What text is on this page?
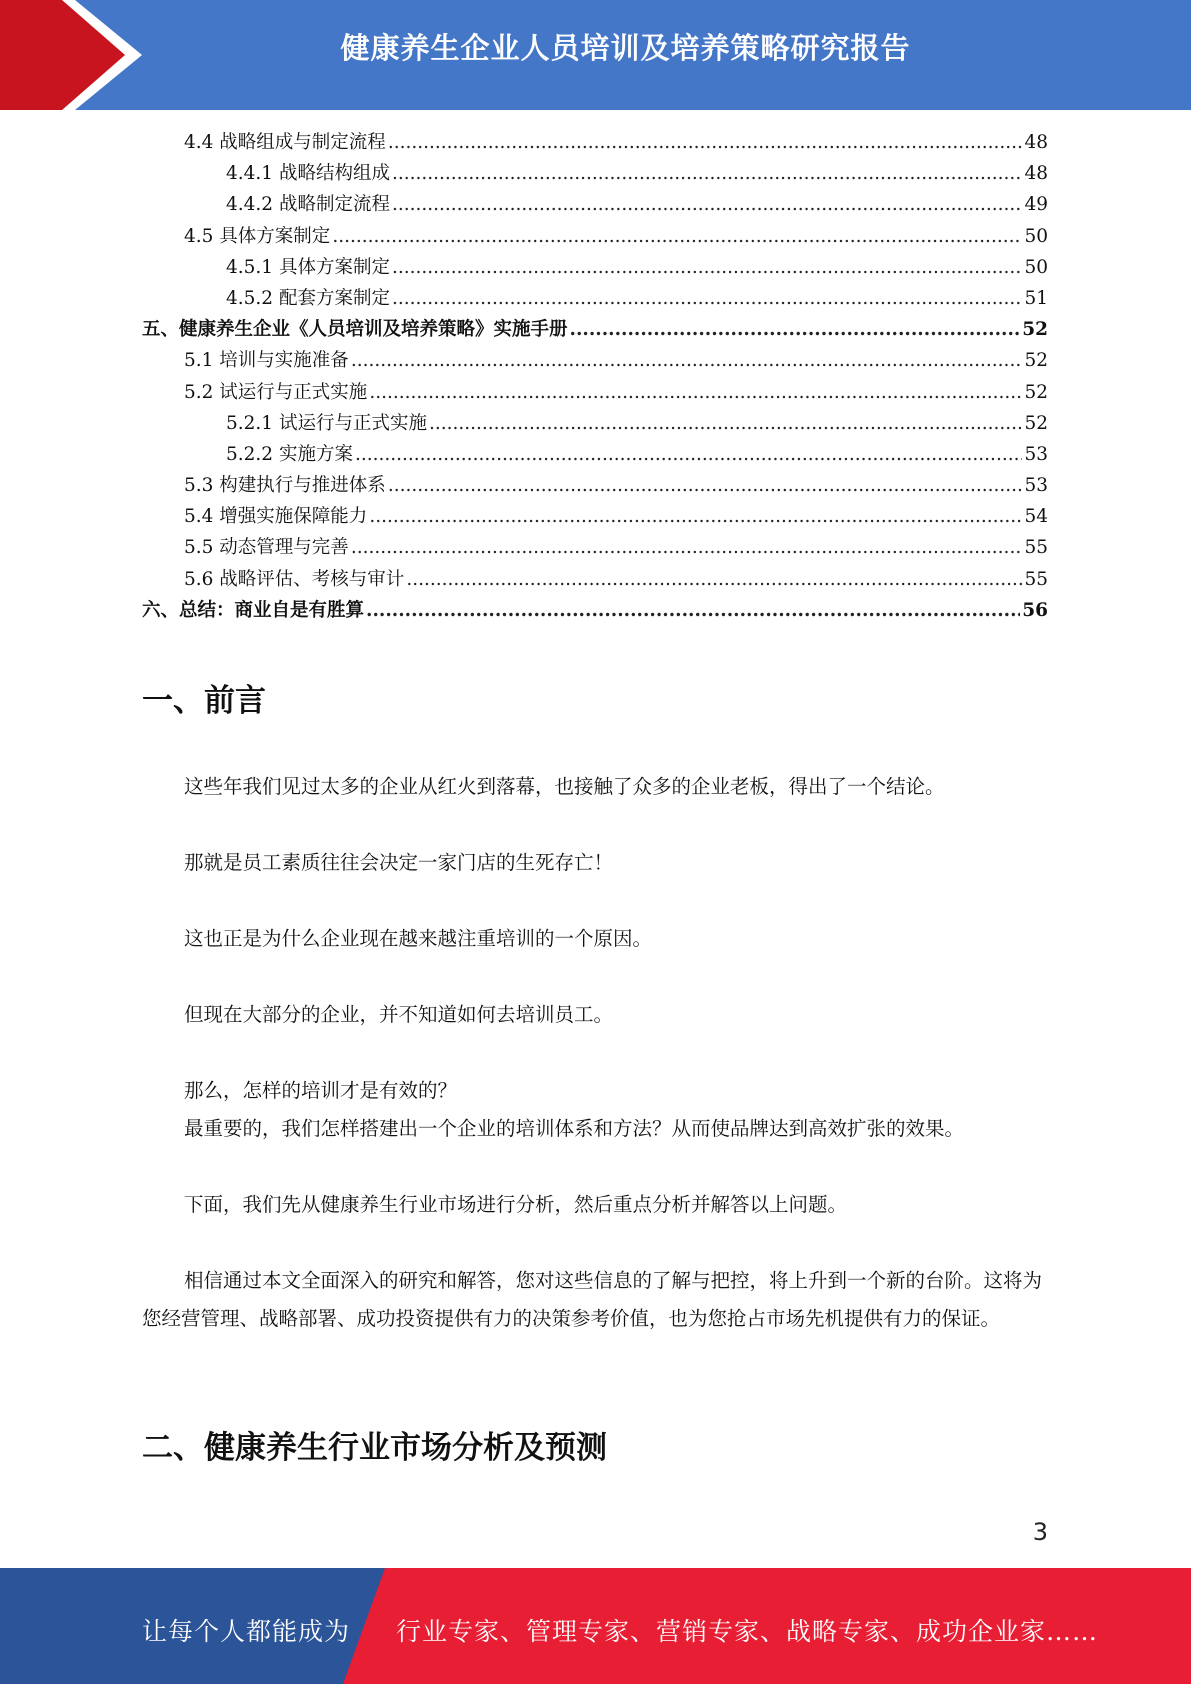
健康养生企业人员培训及培养策略研究报告
4.4 战略组成与制定流程 .....	48
4.4.1 战略结构组成 .....	48
4.4.2 战略制定流程 .....	49
4.5 具体方案制定 .....	50
4.5.1 具体方案制定 .....	50
4.5.2 配套方案制定 .....	51
五、健康养生企业《人员培训及培养策略》实施手册 .....	52
5.1 培训与实施准备 .....	52
5.2 试运行与正式实施 .....	52
5.2.1 试运行与正式实施 .....	52
5.2.2 实施方案 .....	53
5.3 构建执行与推进体系 .....	53
5.4 增强实施保障能力 .....	54
5.5 动态管理与完善 .....	55
5.6 战略评估、考核与审计 .....	55
六、总结：商业自是有胜算 .....	56
一、前言
这些年我们见过太多的企业从红火到落幕，也接触了众多的企业老板，得出了一个结论。
那就是员工素质往往会决定一家门店的生死存亡！
这也正是为什么企业现在越来越注重培训的一个原因。
但现在大部分的企业，并不知道如何去培训员工。
那么，怎样的培训才是有效的？
最重要的，我们怎样搭建出一个企业的培训体系和方法？从而使品牌达到高效扩张的效果。
下面，我们先从健康养生行业市场进行分析，然后重点分析并解答以上问题。
相信通过本文全面深入的研究和解答，您对这些信息的了解与把控，将上升到一个新的台阶。这将为您经营管理、战略部署、成功投资提供有力的决策参考价值，也为您抢占市场先机提供有力的保证。
二、健康养生行业市场分析及预测
3
让每个人都能成为 行业专家、管理专家、营销专家、战略专家、成功企业家……
